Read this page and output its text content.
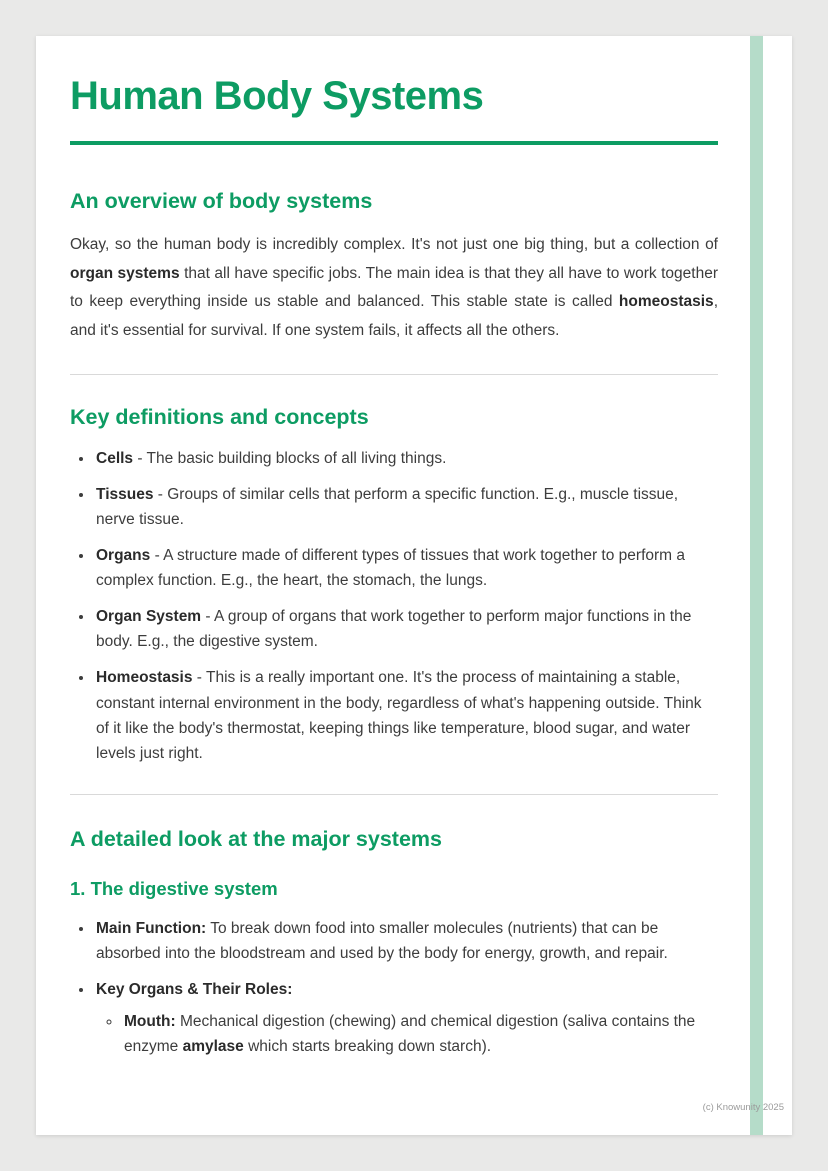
Human Body Systems
An overview of body systems

Okay, so the human body is incredibly complex. It's not just one big thing, but a collection of organ systems that all have specific jobs. The main idea is that they all have to work together to keep everything inside us stable and balanced. This stable state is called homeostasis, and it's essential for survival. If one system fails, it affects all the others.

Key definitions and concepts
• Cells - The basic building blocks of all living things.
• Tissues - Groups of similar cells that perform a specific function. E.g., muscle tissue, nerve tissue.
• Organs - A structure made of different types of tissues that work together to perform a complex function. E.g., the heart, the stomach, the lungs.
• Organ System - A group of organs that work together to perform major functions in the body. E.g., the digestive system.
• Homeostasis - This is a really important one. It's the process of maintaining a stable, constant internal environment in the body, regardless of what's happening outside. Think of it like the body's thermostat, keeping things like temperature, blood sugar, and water levels just right.
A detailed look at the major systems
1. The digestive system
• Main Function: To break down food into smaller molecules (nutrients) that can be absorbed into the bloodstream and used by the body for energy, growth, and repair.
• Key Organs & Their Roles:
◦ Mouth: Mechanical digestion (chewing) and chemical digestion (saliva contains the enzyme amylase which starts breaking down starch).
(c) Knowunity 2025
